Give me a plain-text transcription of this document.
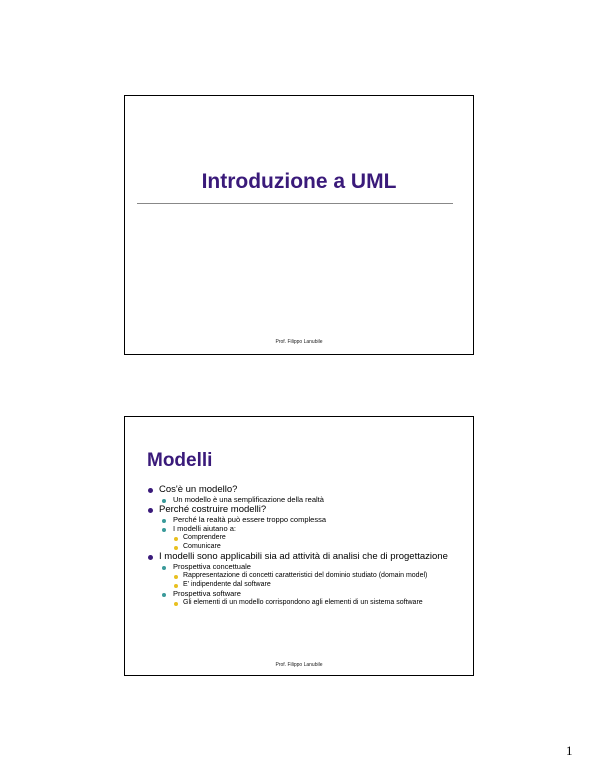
Introduzione a UML
Prof. Filippo Lanubile
Modelli
Cos'è un modello?
Un modello è una semplificazione della realtà
Perché costruire modelli?
Perché la realtà può essere troppo complessa
I modelli aiutano a:
Comprendere
Comunicare
I modelli sono applicabili sia ad attività di analisi che di progettazione
Prospettiva concettuale
Rappresentazione di concetti caratteristici del dominio studiato (domain model)
E' indipendente dal software
Prospettiva software
Gli elementi di un modello corrispondono agli elementi di un sistema software
Prof. Filippo Lanubile
1
